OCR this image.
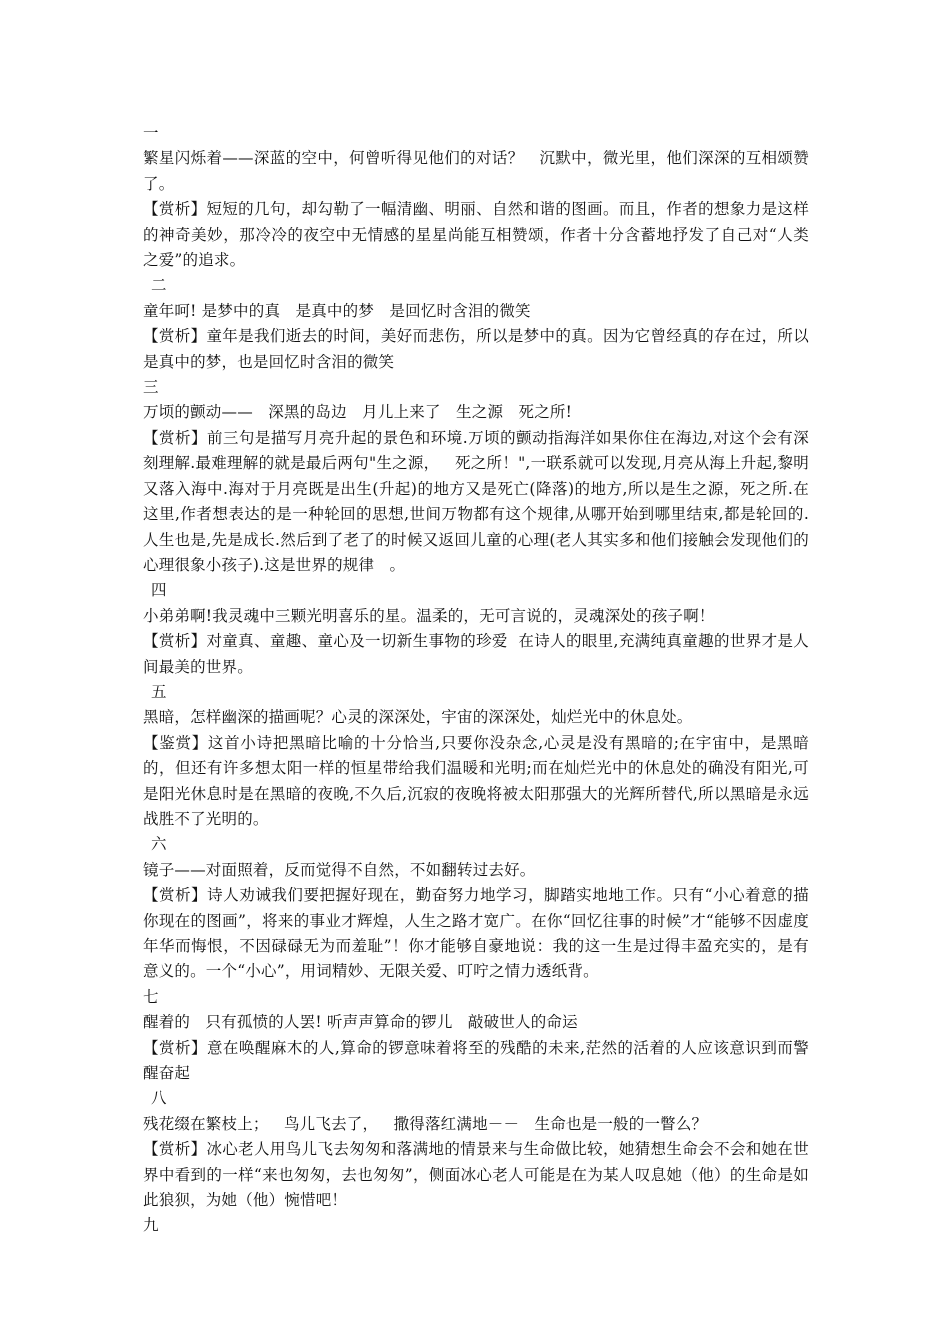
一
繁星闪烁着——深蓝的空中，何曾听得见他们的对话？   沉默中，微光里，他们深深的互相颂赞了。
【赏析】短短的几句，却勾勒了一幅清幽、明丽、自然和谐的图画。而且，作者的想象力是这样的神奇美妙，那冷冷的夜空中无情感的星星尚能互相赞颂，作者十分含蓄地抒发了自己对“人类之爱”的追求。
二
童年呵! 是梦中的真   是真中的梦   是回忆时含泪的微笑
【赏析】童年是我们逝去的时间，美好而悲伤，所以是梦中的真。因为它曾经真的存在过，所以是真中的梦，也是回忆时含泪的微笑
三
万顷的颤动——   深黑的岛边   月儿上来了   生之源   死之所!
【赏析】前三句是描写月亮升起的景色和环境.万顷的颤动指海洋如果你住在海边,对这个会有深刻理解.最难理解的就是最后两句"生之源，   死之所！",一联系就可以发现,月亮从海上升起,黎明又落入海中.海对于月亮既是出生(升起)的地方又是死亡(降落)的地方,所以是生之源，死之所.在这里,作者想表达的是一种轮回的思想,世间万物都有这个规律,从哪开始到哪里结束,都是轮回的.人生也是,先是成长.然后到了老了的时候又返回儿童的心理(老人其实多和他们接触会发现他们的心理很象小孩子).这是世界的规律   。
四
小弟弟啊!我灵魂中三颗光明喜乐的星。温柔的，无可言说的，灵魂深处的孩子啊！
【赏析】对童真、童趣、童心及一切新生事物的珍爱  在诗人的眼里,充满纯真童趣的世界才是人间最美的世界。
五
黑暗，怎样幽深的描画呢？心灵的深深处，宇宙的深深处，灿烂光中的休息处。
【鉴赏】这首小诗把黑暗比喻的十分恰当,只要你没杂念,心灵是没有黑暗的;在宇宙中，是黑暗的，但还有许多想太阳一样的恒星带给我们温暖和光明;而在灿烂光中的休息处的确没有阳光,可是阳光休息时是在黑暗的夜晚,不久后,沉寂的夜晚将被太阳那强大的光辉所替代,所以黑暗是永远战胜不了光明的。
六
镜子——对面照着，反而觉得不自然，不如翻转过去好。
【赏析】诗人劝诫我们要把握好现在，勤奋努力地学习，脚踏实地地工作。只有“小心着意的描你现在的图画”，将来的事业才辉煌，人生之路才宽广。在你“回忆往事的时候”才“能够不因虚度年华而悔恨，不因碌碌无为而羞耻”！你才能够自豪地说：我的这一生是过得丰盈充实的，是有意义的。一个“小心”，用词精妙、无限关爱、叮咛之情力透纸背。
七
醒着的   只有孤愤的人罢! 听声声算命的锣儿   敲破世人的命运
【赏析】意在唤醒麻木的人,算命的锣意味着将至的残酷的未来,茫然的活着的人应该意识到而警醒奋起
八
残花缀在繁枝上；   鸟儿飞去了，   撒得落红满地－－   生命也是一般的一瞥么？
【赏析】冰心老人用鸟儿飞去匆匆和落满地的情景来与生命做比较，她猜想生命会不会和她在世界中看到的一样“来也匆匆，去也匆匆”，侧面冰心老人可能是在为某人叹息她（他）的生命是如此狼狈，为她（他）惋惜吧！
九
